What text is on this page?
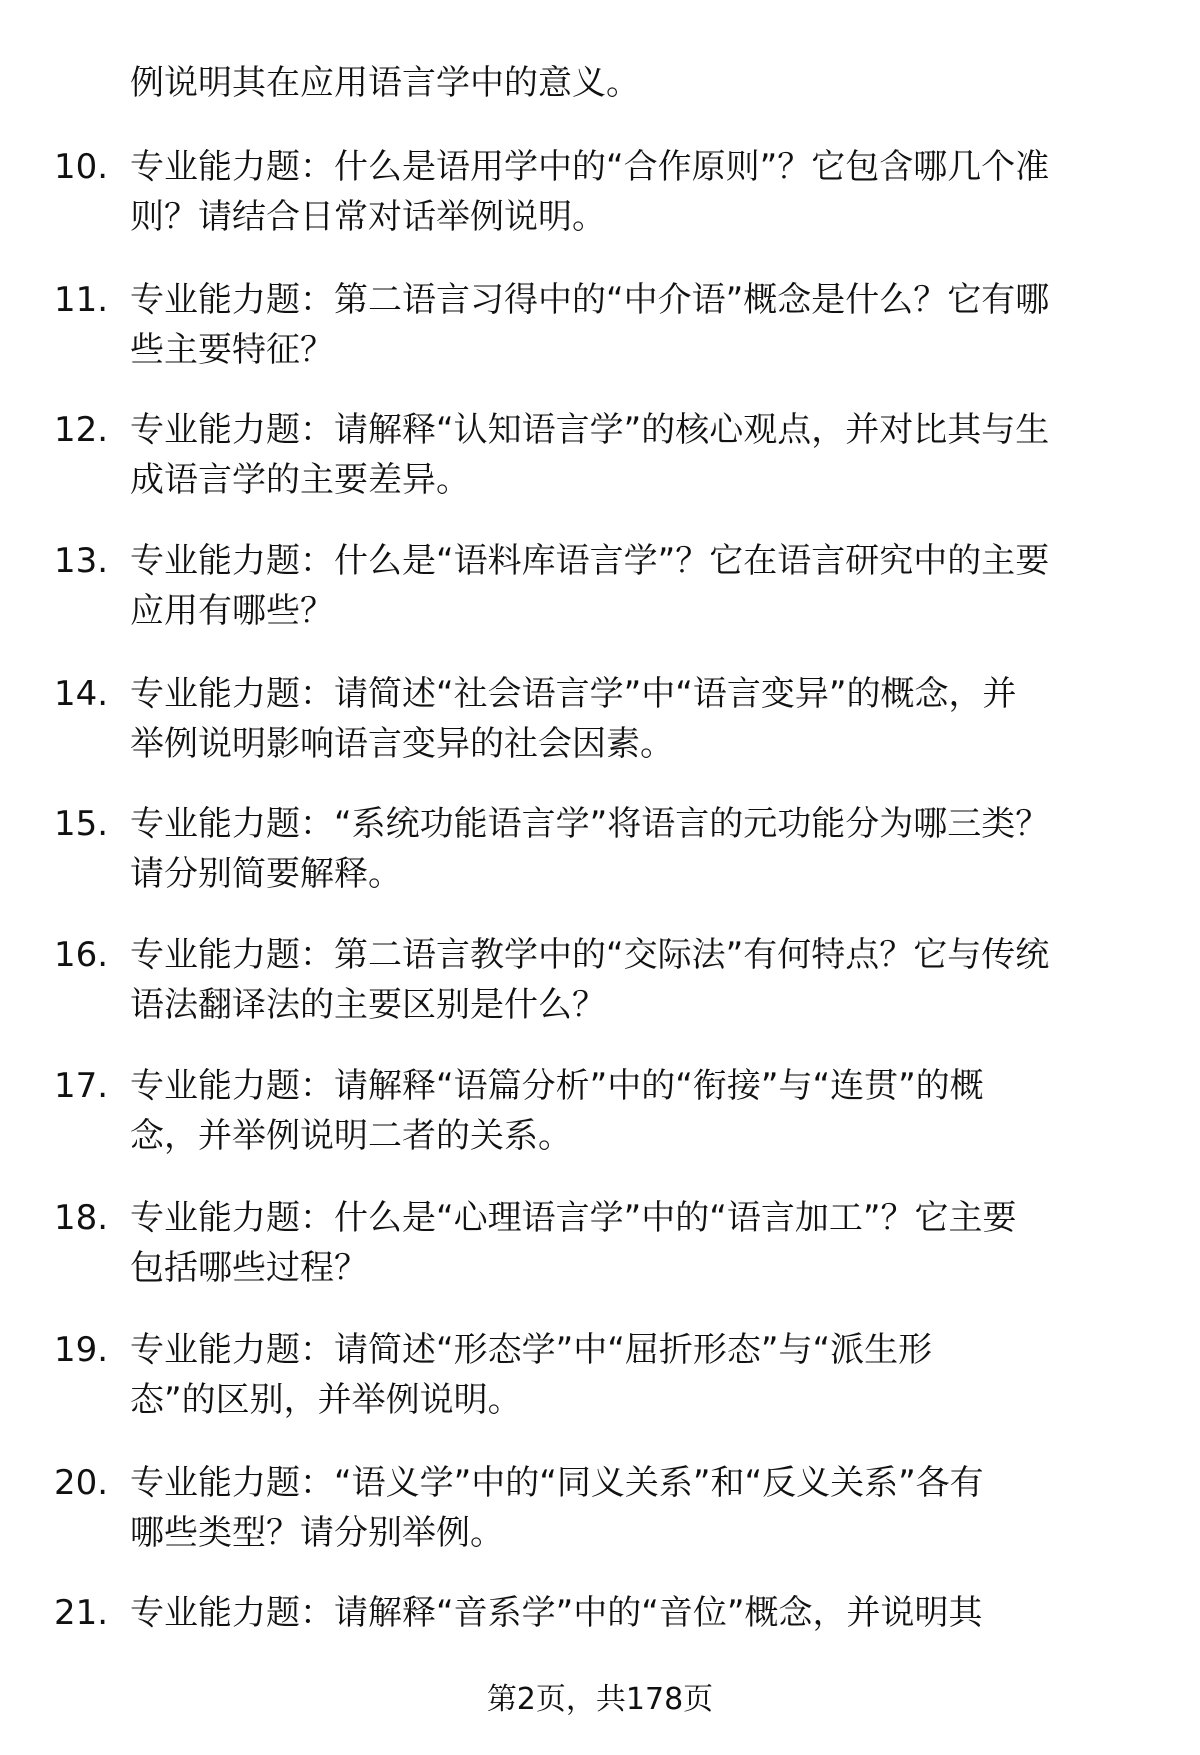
例说明其在应用语言学中的意义。
10. 专业能力题：什么是语用学中的“合作原则”？它包含哪几个准
则？请结合日常对话举例说明。
11. 专业能力题：第二语言习得中的“中介语”概念是什么？它有哪
些主要特征？
12. 专业能力题：请解释“认知语言学”的核心观点，并对比其与生
成语言学的主要差异。
13. 专业能力题：什么是“语料库语言学”？它在语言研究中的主要
应用有哪些？
14. 专业能力题：请简述“社会语言学”中“语言变异”的概念，并
举例说明影响语言变异的社会因素。
15. 专业能力题：“系统功能语言学”将语言的元功能分为哪三类？
请分别简要解释。
16. 专业能力题：第二语言教学中的“交际法”有何特点？它与传统
语法翻译法的主要区别是什么？
17. 专业能力题：请解释“语篇分析”中的“衔接”与“连贯”的概
念，并举例说明二者的关系。
18. 专业能力题：什么是“心理语言学”中的“语言加工”？它主要
包括哪些过程？
19. 专业能力题：请简述“形态学”中“屈折形态”与“派生形
态”的区别，并举例说明。
20. 专业能力题：“语义学”中的“同义关系”和“反义关系”各有
哪些类型？请分别举例。
21. 专业能力题：请解释“音系学”中的“音位”概念，并说明其
第2页，共178页
